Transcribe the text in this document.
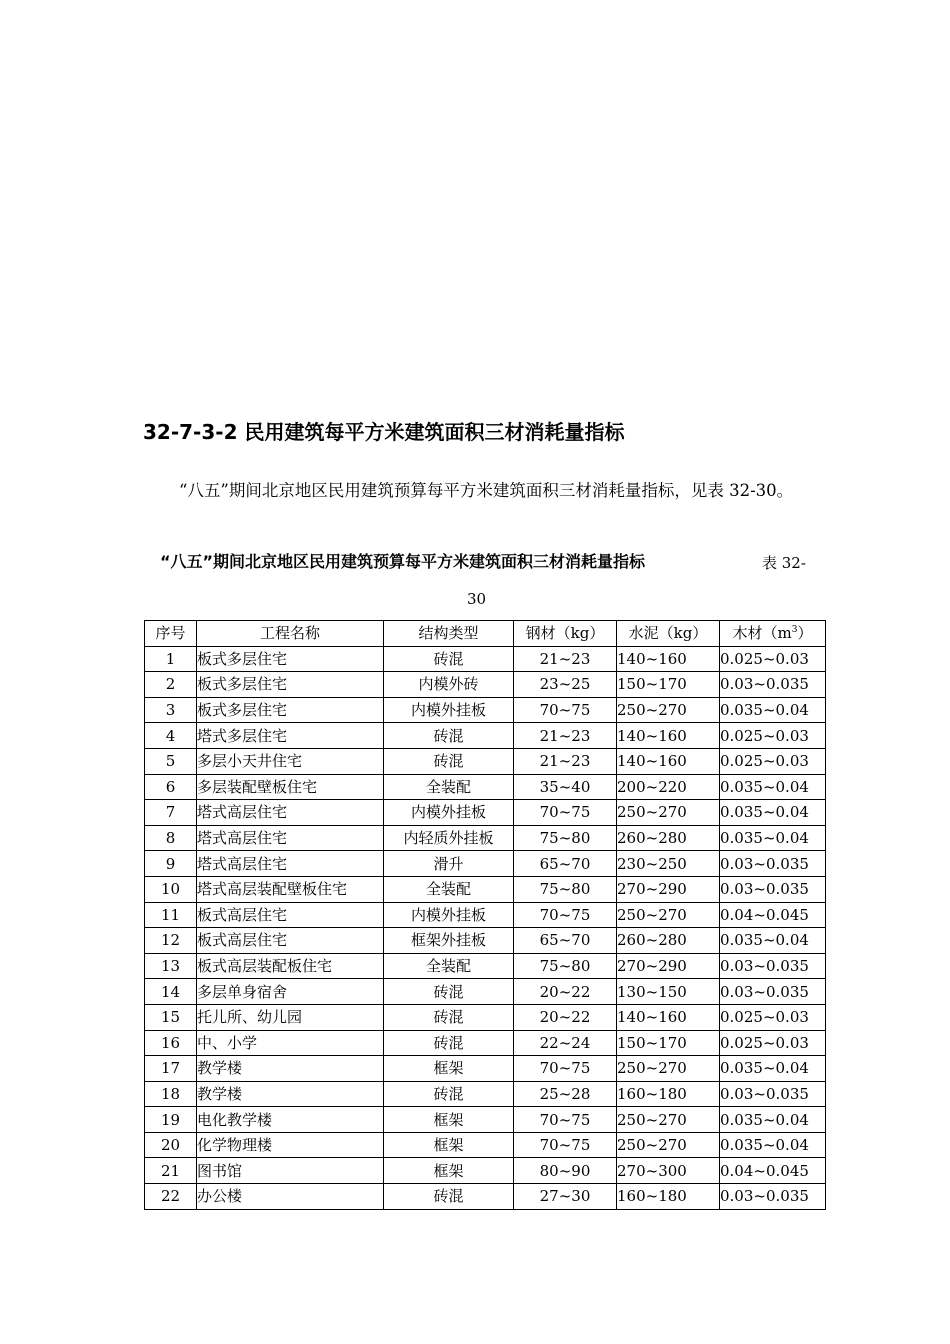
32-7-3-2 民用建筑每平方米建筑面积三材消耗量指标

“八五”期间北京地区民用建筑预算每平方米建筑面积三材消耗量指标，见表 32-30。

“八五”期间北京地区民用建筑预算每平方米建筑面积三材消耗量指标	表 32-
30
序号	工程名称	结构类型	钢材（kg）	水泥（kg）	木材$(m^3)$
1	板式多层住宅	砖混	21~23	140~160	0.025~0.03
2	板式多层住宅	内模外砖	23~25	150~170	0.03~0.035
3	板式多层住宅	内模外挂板	70~75	250~270	0.035~0.04
4	塔式多层住宅	砖混	21~23	140~160	0.025~0.03
5	多层小天井住宅	砖混	21~23	140~160	0.025~0.03
6	多层装配壁板住宅	全装配	35~40	200~220	0.035~0.04
7	塔式高层住宅	内模外挂板	70~75	250~270	0.035~0.04
8	塔式高层住宅	内轻质外挂板	75~80	260~280	0.035~0.04
9	塔式高层住宅	滑升	65~70	230~250	0.03~0.035
10	塔式高层装配壁板住宅	全装配	75~80	270~290	0.03~0.035
11	板式高层住宅	内模外挂板	70~75	250~270	0.04~0.045
12	板式高层住宅	框架外挂板	65~70	260~280	0.035~0.04
13	板式高层装配板住宅	全装配	75~80	270~290	0.03~0.035
14	多层单身宿舍	砖混	20~22	130~150	0.03~0.035
15	托儿所、幼儿园	砖混	20~22	140~160	0.025~0.03
16	中、小学	砖混	22~24	150~170	0.025~0.03
17	教学楼	框架	70~75	250~270	0.035~0.04
18	教学楼	砖混	25~28	160~180	0.03~0.035
19	电化教学楼	框架	70~75	250~270	0.035~0.04
20	化学物理楼	框架	70~75	250~270	0.035~0.04
21	图书馆	框架	80~90	270~300	0.04~0.045
22	办公楼	砖混	27~30	160~180	0.03~0.035
